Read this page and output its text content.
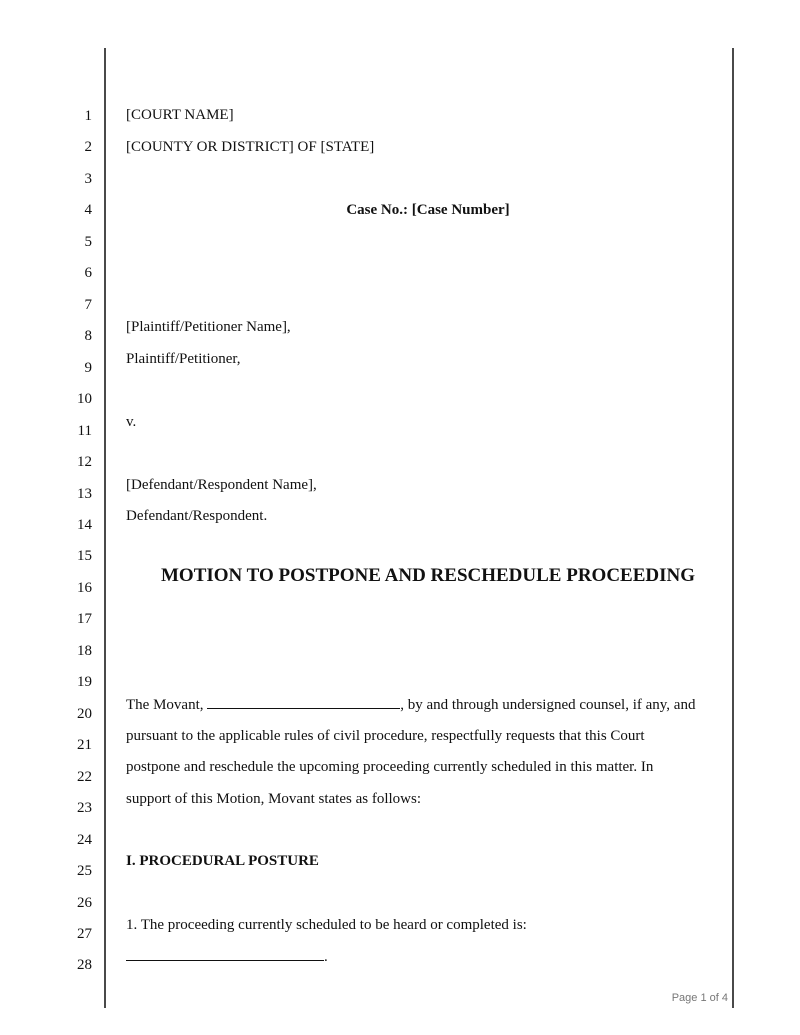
1
2
3
4
5
6
7
8
9
10
11
12
13
14
15
16
17
18
19
20
21
22
23
24
25
26
27
28
[COURT NAME]
[COUNTY OR DISTRICT] OF [STATE]
Case No.: [Case Number]
[Plaintiff/Petitioner Name],
Plaintiff/Petitioner,
v.
[Defendant/Respondent Name],
Defendant/Respondent.
MOTION TO POSTPONE AND RESCHEDULE PROCEEDING
The Movant,	, by and through undersigned counsel, if any, and
pursuant to the applicable rules of civil procedure, respectfully requests that this Court
postpone and reschedule the upcoming proceeding currently scheduled in this matter. In
support of this Motion, Movant states as follows:
I. PROCEDURAL POSTURE
1. The proceeding currently scheduled to be heard or completed is:
.
Page 1 of 4
